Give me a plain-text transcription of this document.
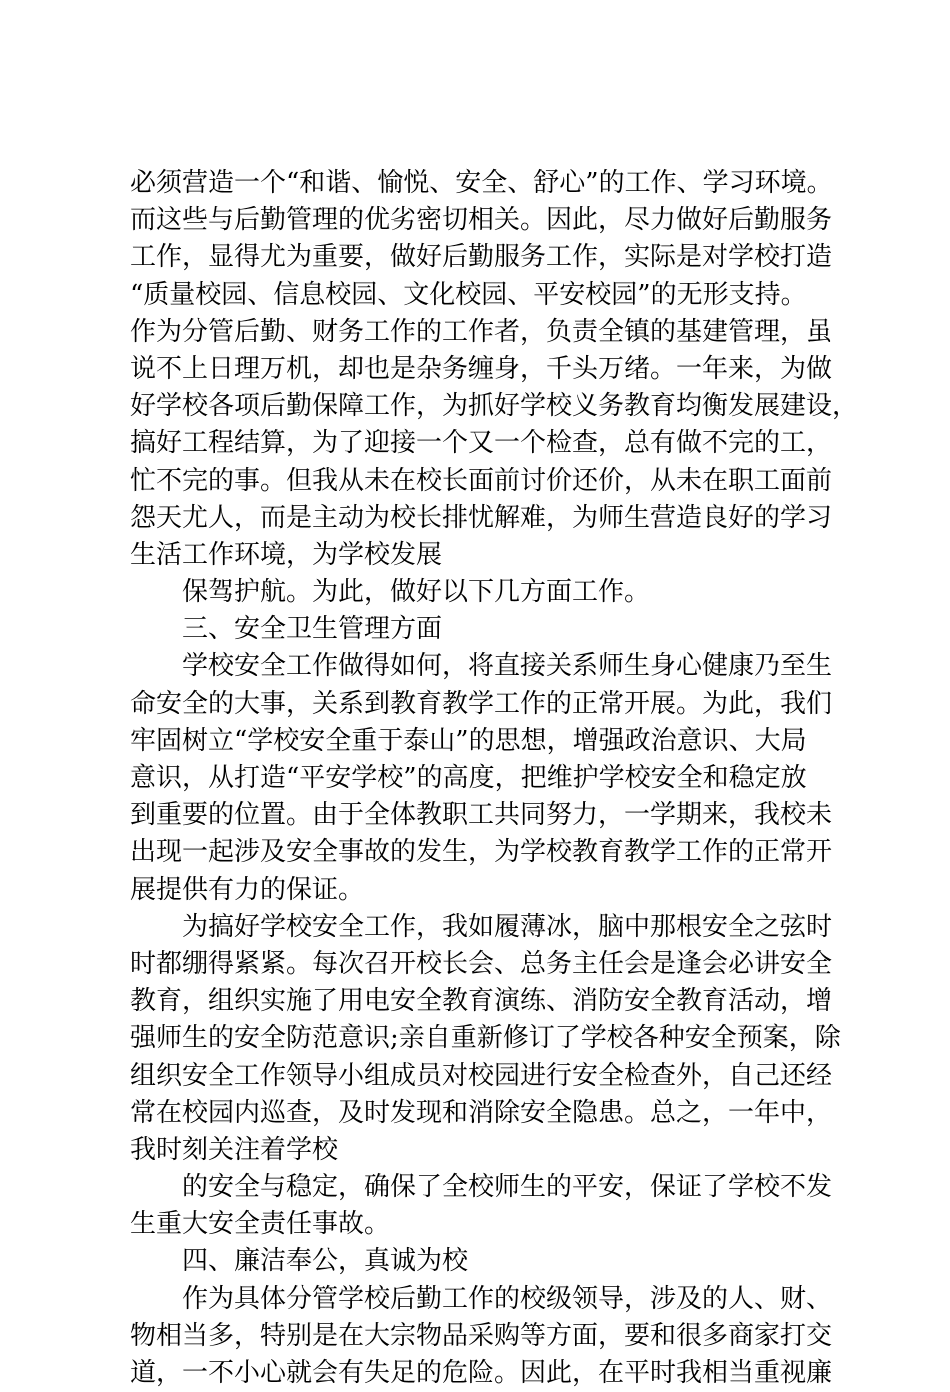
必须营造一个“和谐、愉悦、安全、舒心”的工作、学习环境。
而这些与后勤管理的优劣密切相关。因此，尽力做好后勤服务
工作，显得尤为重要，做好后勤服务工作，实际是对学校打造
“质量校园、信息校园、文化校园、平安校园”的无形支持。
作为分管后勤、财务工作的工作者，负责全镇的基建管理，虽
说不上日理万机，却也是杂务缠身，千头万绪。一年来，为做
好学校各项后勤保障工作，为抓好学校义务教育均衡发展建设，
搞好工程结算，为了迎接一个又一个检查，总有做不完的工，
忙不完的事。但我从未在校长面前讨价还价，从未在职工面前
怨天尤人，而是主动为校长排忧解难，为师生营造良好的学习
生活工作环境，为学校发展
保驾护航。为此，做好以下几方面工作。
三、安全卫生管理方面
学校安全工作做得如何，将直接关系师生身心健康乃至生
命安全的大事，关系到教育教学工作的正常开展。为此，我们
牢固树立“学校安全重于泰山”的思想，增强政治意识、大局
意识，从打造“平安学校”的高度，把维护学校安全和稳定放
到重要的位置。由于全体教职工共同努力，一学期来，我校未
出现一起涉及安全事故的发生，为学校教育教学工作的正常开
展提供有力的保证。
为搞好学校安全工作，我如履薄冰，脑中那根安全之弦时
时都绷得紧紧。每次召开校长会、总务主任会是逢会必讲安全
教育，组织实施了用电安全教育演练、消防安全教育活动，增
强师生的安全防范意识;亲自重新修订了学校各种安全预案，除
组织安全工作领导小组成员对校园进行安全检查外，自己还经
常在校园内巡查，及时发现和消除安全隐患。总之，一年中，
我时刻关注着学校
的安全与稳定，确保了全校师生的平安，保证了学校不发
生重大安全责任事故。
四、廉洁奉公，真诚为校
作为具体分管学校后勤工作的校级领导，涉及的人、财、
物相当多，特别是在大宗物品采购等方面，要和很多商家打交
道，一不小心就会有失足的危险。因此，在平时我相当重视廉
